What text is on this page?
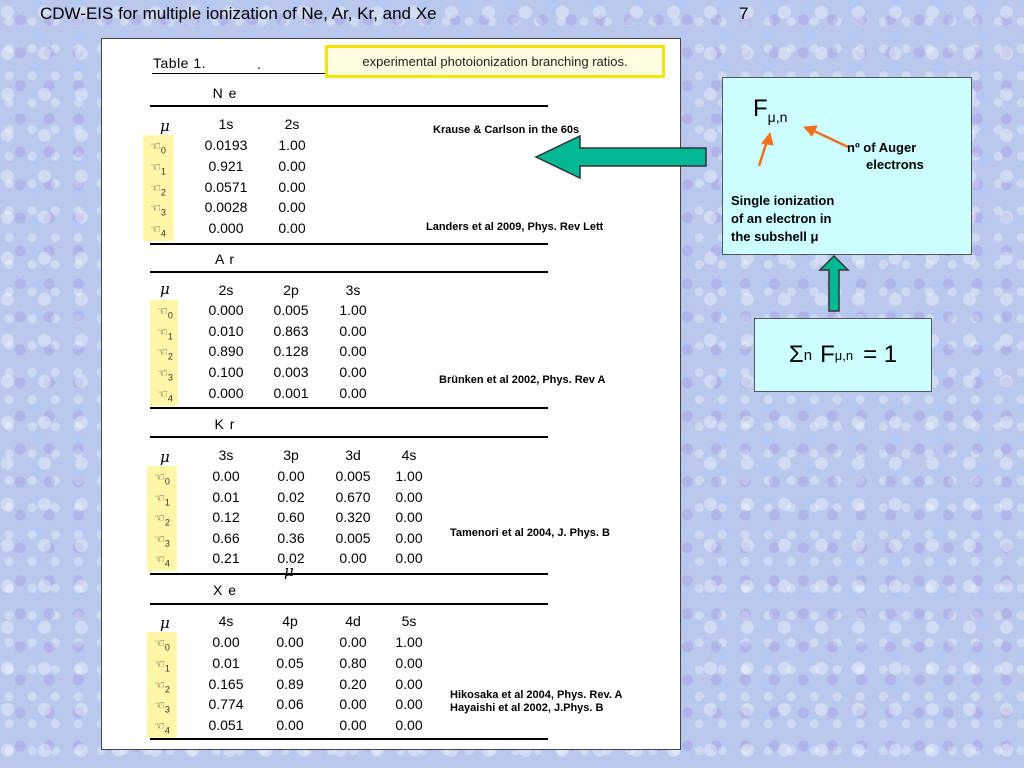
CDW-EIS for multiple ionization of Ne, Ar, Kr, and Xe	7
Table 1.	.	experimental photoionization branching ratios.
N e
μ	1s	2s
$☜_0$	0.0193	1.00
$☜_1$	0.921	0.00
$☜_2$	0.0571	0.00
$☜_3$	0.0028	0.00
$☜_4$	0.000	0.00
A r
μ	2s	2p	3s
$☜_0$	0.000	0.005	1.00
$☜_1$	0.010	0.863	0.00
$☜_2$	0.890	0.128	0.00
$☜_3$	0.100	0.003	0.00
$☜_4$	0.000	0.001	0.00
K r
μ	3s	3p	3d	4s
$☜_0$	0.00	0.00	0.005	1.00
$☜_1$	0.01	0.02	0.670	0.00
$☜_2$	0.12	0.60	0.320	0.00
$☜_3$	0.66	0.36	0.005	0.00
$☜_4$	0.21	0.02	0.00	0.00
X e
μ	4s	4p	4d	5s
$☜_0$	0.00	0.00	0.00	1.00
$☜_1$	0.01	0.05	0.80	0.00
$☜_2$	0.165	0.89	0.20	0.00
$☜_3$	0.774	0.06	0.00	0.00
$☜_4$	0.051	0.00	0.00	0.00
μ
Krause & Carlson in the 60s
Landers et al 2009, Phys. Rev Lett
Brünken et al 2002, Phys. Rev A
Tamenori et al 2004, J. Phys. B
Hikosaka et al 2004, Phys. Rev. A
Hayaishi et al 2002, J.Phys. B
$F_{\mu,n}$
nº of Auger
electrons
Single ionization
of an electron in
the subshell μ
Σ n F μ,n = 1
